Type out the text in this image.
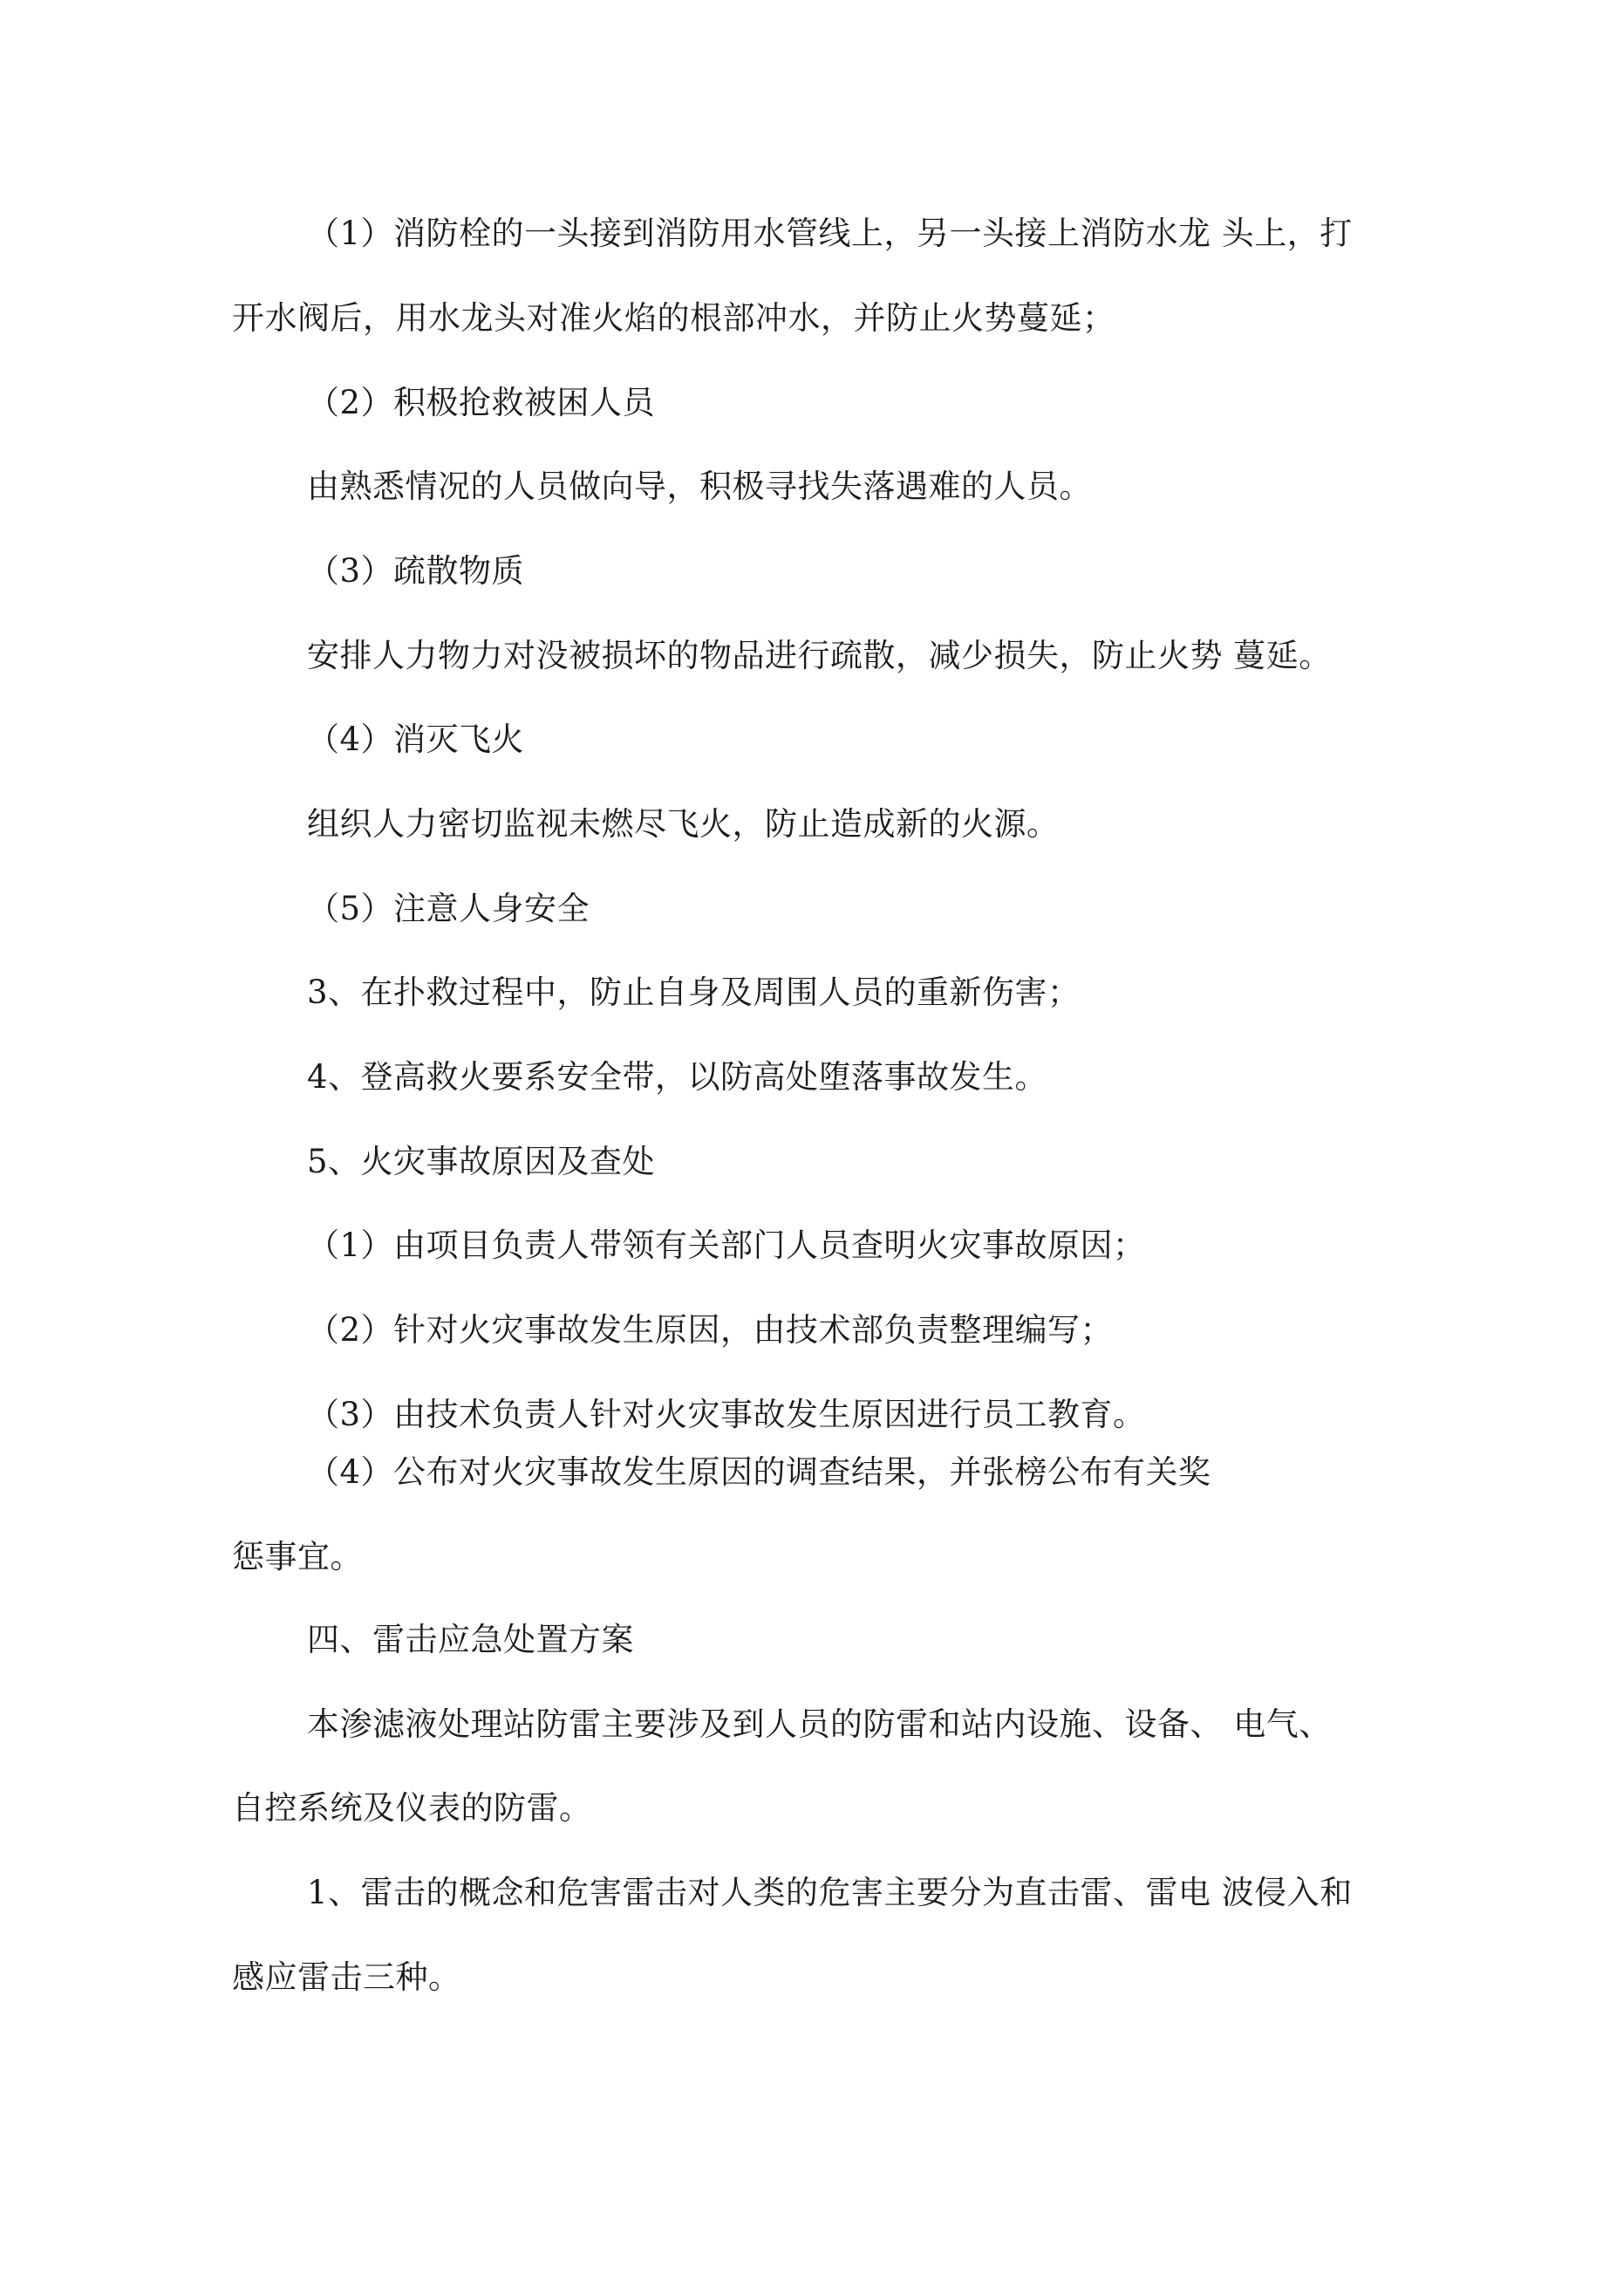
（1）消防栓的一头接到消防用水管线上，另一头接上消防水龙 头上，打
开水阀后，用水龙头对准火焰的根部冲水，并防止火势蔓延；
（2）积极抢救被困人员
由熟悉情况的人员做向导，积极寻找失落遇难的人员。
（3）疏散物质
安排人力物力对没被损坏的物品进行疏散，减少损失，防止火势 蔓延。
（4）消灭飞火
组织人力密切监视未燃尽飞火，防止造成新的火源。
（5）注意人身安全
3、在扑救过程中，防止自身及周围人员的重新伤害；
4、登高救火要系安全带，以防高处堕落事故发生。
5、火灾事故原因及查处
（1）由项目负责人带领有关部门人员查明火灾事故原因；
（2）针对火灾事故发生原因，由技术部负责整理编写；
（3）由技术负责人针对火灾事故发生原因进行员工教育。
（4）公布对火灾事故发生原因的调查结果，并张榜公布有关奖
惩事宜。
四、雷击应急处置方案
本渗滤液处理站防雷主要涉及到人员的防雷和站内设施、设备、 电气、
自控系统及仪表的防雷。
1、雷击的概念和危害雷击对人类的危害主要分为直击雷、雷电 波侵入和
感应雷击三种。
